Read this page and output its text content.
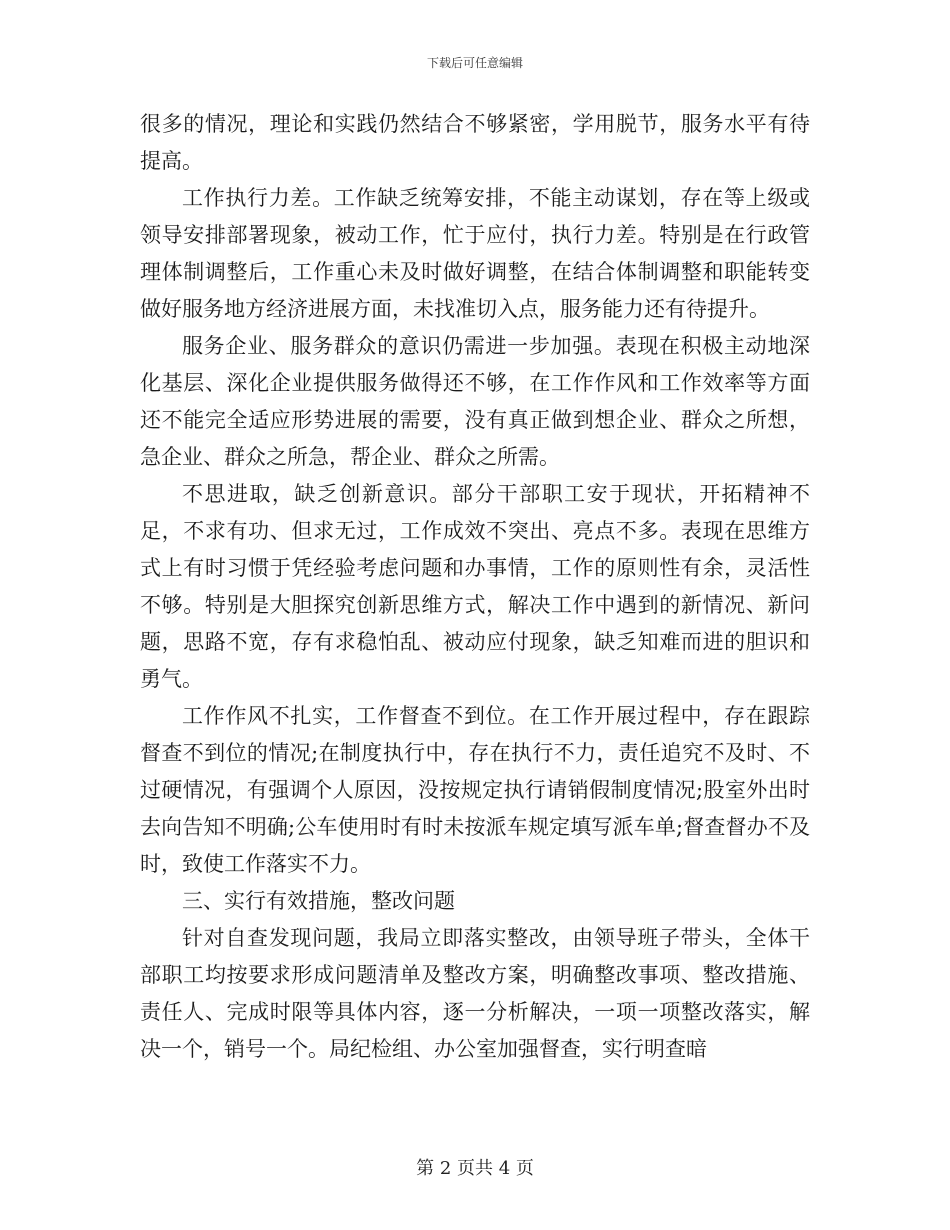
下载后可任意编辑

很多的情况，理论和实践仍然结合不够紧密，学用脱节，服务水平有待提高。

工作执行力差。工作缺乏统筹安排，不能主动谋划，存在等上级或领导安排部署现象，被动工作，忙于应付，执行力差。特别是在行政管理体制调整后，工作重心未及时做好调整，在结合体制调整和职能转变做好服务地方经济进展方面，未找准切入点，服务能力还有待提升。

服务企业、服务群众的意识仍需进一步加强。表现在积极主动地深化基层、深化企业提供服务做得还不够，在工作作风和工作效率等方面还不能完全适应形势进展的需要，没有真正做到想企业、群众之所想，急企业、群众之所急，帮企业、群众之所需。

不思进取，缺乏创新意识。部分干部职工安于现状，开拓精神不足，不求有功、但求无过，工作成效不突出、亮点不多。表现在思维方式上有时习惯于凭经验考虑问题和办事情，工作的原则性有余，灵活性不够。特别是大胆探究创新思维方式，解决工作中遇到的新情况、新问题，思路不宽，存有求稳怕乱、被动应付现象，缺乏知难而进的胆识和勇气。

工作作风不扎实，工作督查不到位。在工作开展过程中，存在跟踪督查不到位的情况;在制度执行中，存在执行不力，责任追究不及时、不过硬情况，有强调个人原因，没按规定执行请销假制度情况;股室外出时去向告知不明确;公车使用时有时未按派车规定填写派车单;督查督办不及时，致使工作落实不力。

三、实行有效措施，整改问题

针对自查发现问题，我局立即落实整改，由领导班子带头，全体干部职工均按要求形成问题清单及整改方案，明确整改事项、整改措施、责任人、完成时限等具体内容，逐一分析解决，一项一项整改落实，解决一个，销号一个。局纪检组、办公室加强督查，实行明查暗

第 2 页共 4 页
